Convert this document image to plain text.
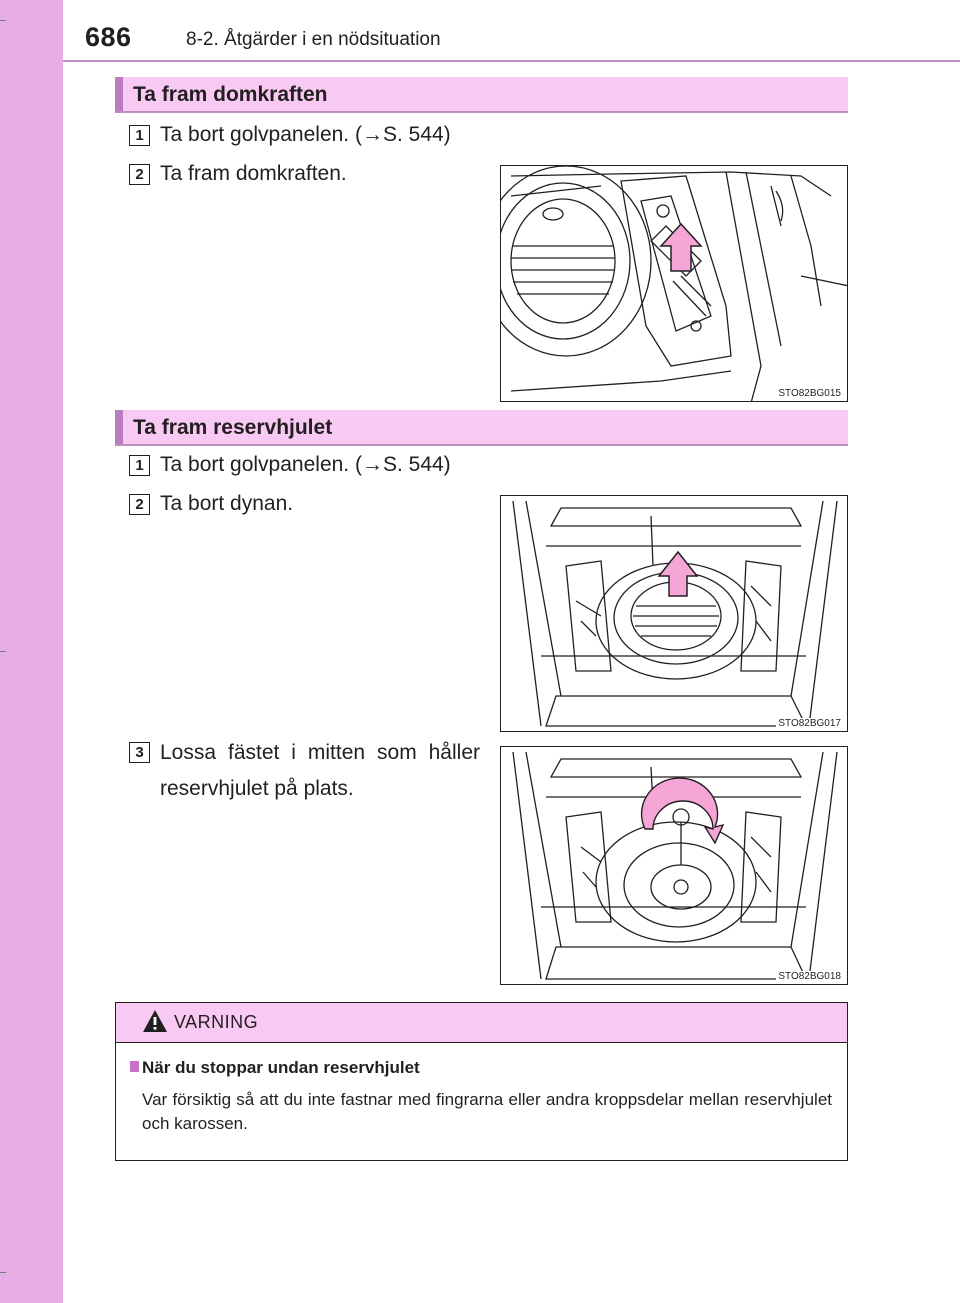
686	8-2. Åtgärder i en nödsituation
Ta fram domkraften
1 Ta bort golvpanelen. (→S. 544)
2 Ta fram domkraften.
STO82BG015
Ta fram reservhjulet
1 Ta bort golvpanelen. (→S. 544)
2 Ta bort dynan.
3 Lossa fästet i mitten som håller reservhjulet på plats.
STO82BG017
STO82BG018
VARNING
När du stoppar undan reservhjulet
Var försiktig så att du inte fastnar med fingrarna eller andra kroppsdelar mellan reservhjulet och karossen.
